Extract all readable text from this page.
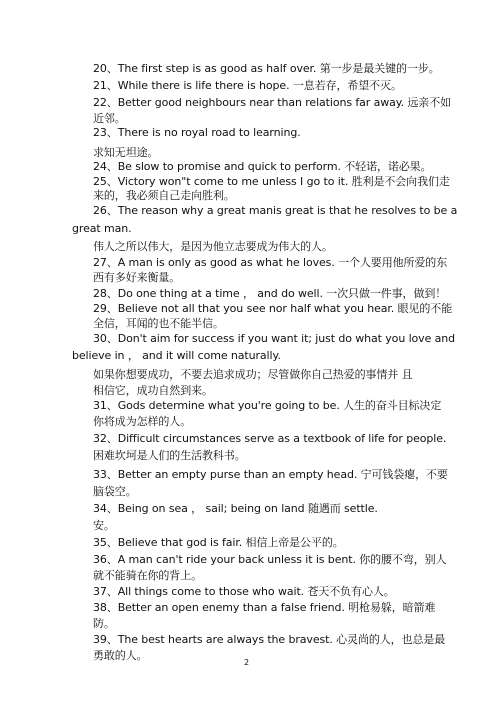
20、The first step is as good as half over. 第一步是最关键的一步。
21、While there is life there is hope. 一息若存，希望不灭。
22、Better good neighbours near than relations far away. 远亲不如
近邻。
23、There is no royal road to learning.
求知无坦途。
24、Be slow to promise and quick to perform. 不轻诺，诺必果。
25、Victory won"t come to me unless I go to it. 胜利是不会向我们走
来的，我必须自己走向胜利。
26、The reason why a great manis great is that he resolves to be a
great man.
伟人之所以伟大，是因为他立志要成为伟大的人。
27、A man is only as good as what he loves. 一个人要用他所爱的东
西有多好来衡量。
28、Do one thing at a time ， and do well. 一次只做一件事，做到！
29、Believe not all that you see nor half what you hear. 眼见的不能
全信，耳闻的也不能半信。
30、Don't aim for success if you want it; just do what you love and
believe in ， and it will come naturally.
如果你想要成功，不要去追求成功；尽管做你自己热爱的事情并 且
相信它，成功自然到来。
31、Gods determine what you're going to be. 人生的奋斗目标决定
你将成为怎样的人。
32、Difficult circumstances serve as a textbook of life for people.
困难坎坷是人们的生活教科书。
33、Better an empty purse than an empty head. 宁可钱袋瘪，不要
脑袋空。
34、Being on sea ， sail; being on land 随遇而 settle.
安。
35、Believe that god is fair. 相信上帝是公平的。
36、A man can't ride your back unless it is bent. 你的腰不弯，别人
就不能骑在你的背上。
37、All things come to those who wait. 苍天不负有心人。
38、Better an open enemy than a false friend. 明枪易躲，暗箭难
防。
39、The best hearts are always the bravest. 心灵尚的人，也总是最
勇敢的人。
2
